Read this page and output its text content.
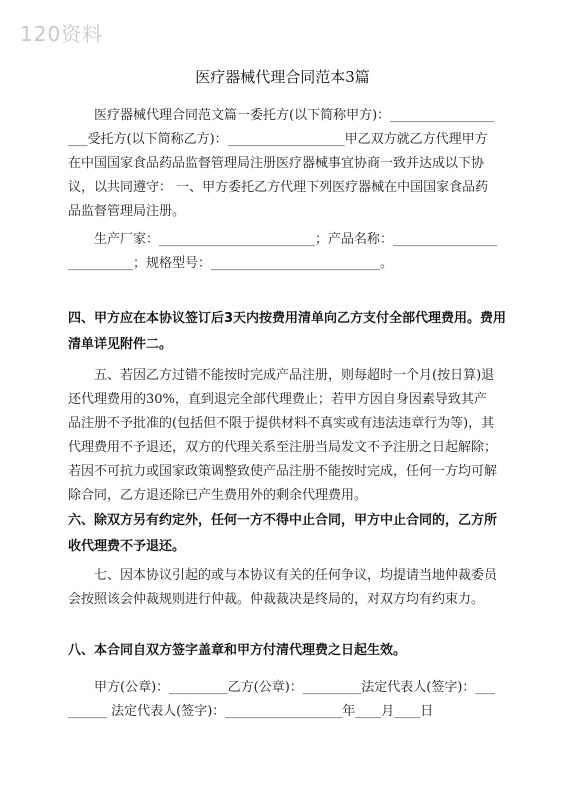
120资料
医疗器械代理合同范本3篇

医疗器械代理合同范文篇一委托方(以下简称甲方)：___________________受托方(以下简称乙方)：__________________甲乙双方就乙方代理甲方在中国国家食品药品监督管理局注册医疗器械事宜协商一致并达成以下协议，以共同遵守： 一、甲方委托乙方代理下列医疗器械在中国国家食品药品监督管理局注册。

生产厂家：________________________；产品名称：__________________________；规格型号：__________________________。

四、甲方应在本协议签订后3天内按费用清单向乙方支付全部代理费用。费用清单详见附件二。

五、若因乙方过错不能按时完成产品注册，则每超时一个月(按日算)退还代理费用的30%，直到退完全部代理费止；若甲方因自身因素导致其产品注册不予批准的(包括但不限于提供材料不真实或有违法违章行为等)，其代理费用不予退还，双方的代理关系至注册当局发文不予注册之日起解除；若因不可抗力或国家政策调整致使产品注册不能按时完成，任何一方均可解除合同，乙方退还除已产生费用外的剩余代理费用。

六、除双方另有约定外，任何一方不得中止合同，甲方中止合同的，乙方所收代理费不予退还。

七、因本协议引起的或与本协议有关的任何争议，均提请当地仲裁委员会按照该会仲裁规则进行仲裁。仲裁裁决是终局的，对双方均有约束力。

八、本合同自双方签字盖章和甲方付清代理费之日起生效。

甲方(公章)：_________乙方(公章)：_________法定代表人(签字)：_________ 法定代表人(签字)：__________________年____月____日
